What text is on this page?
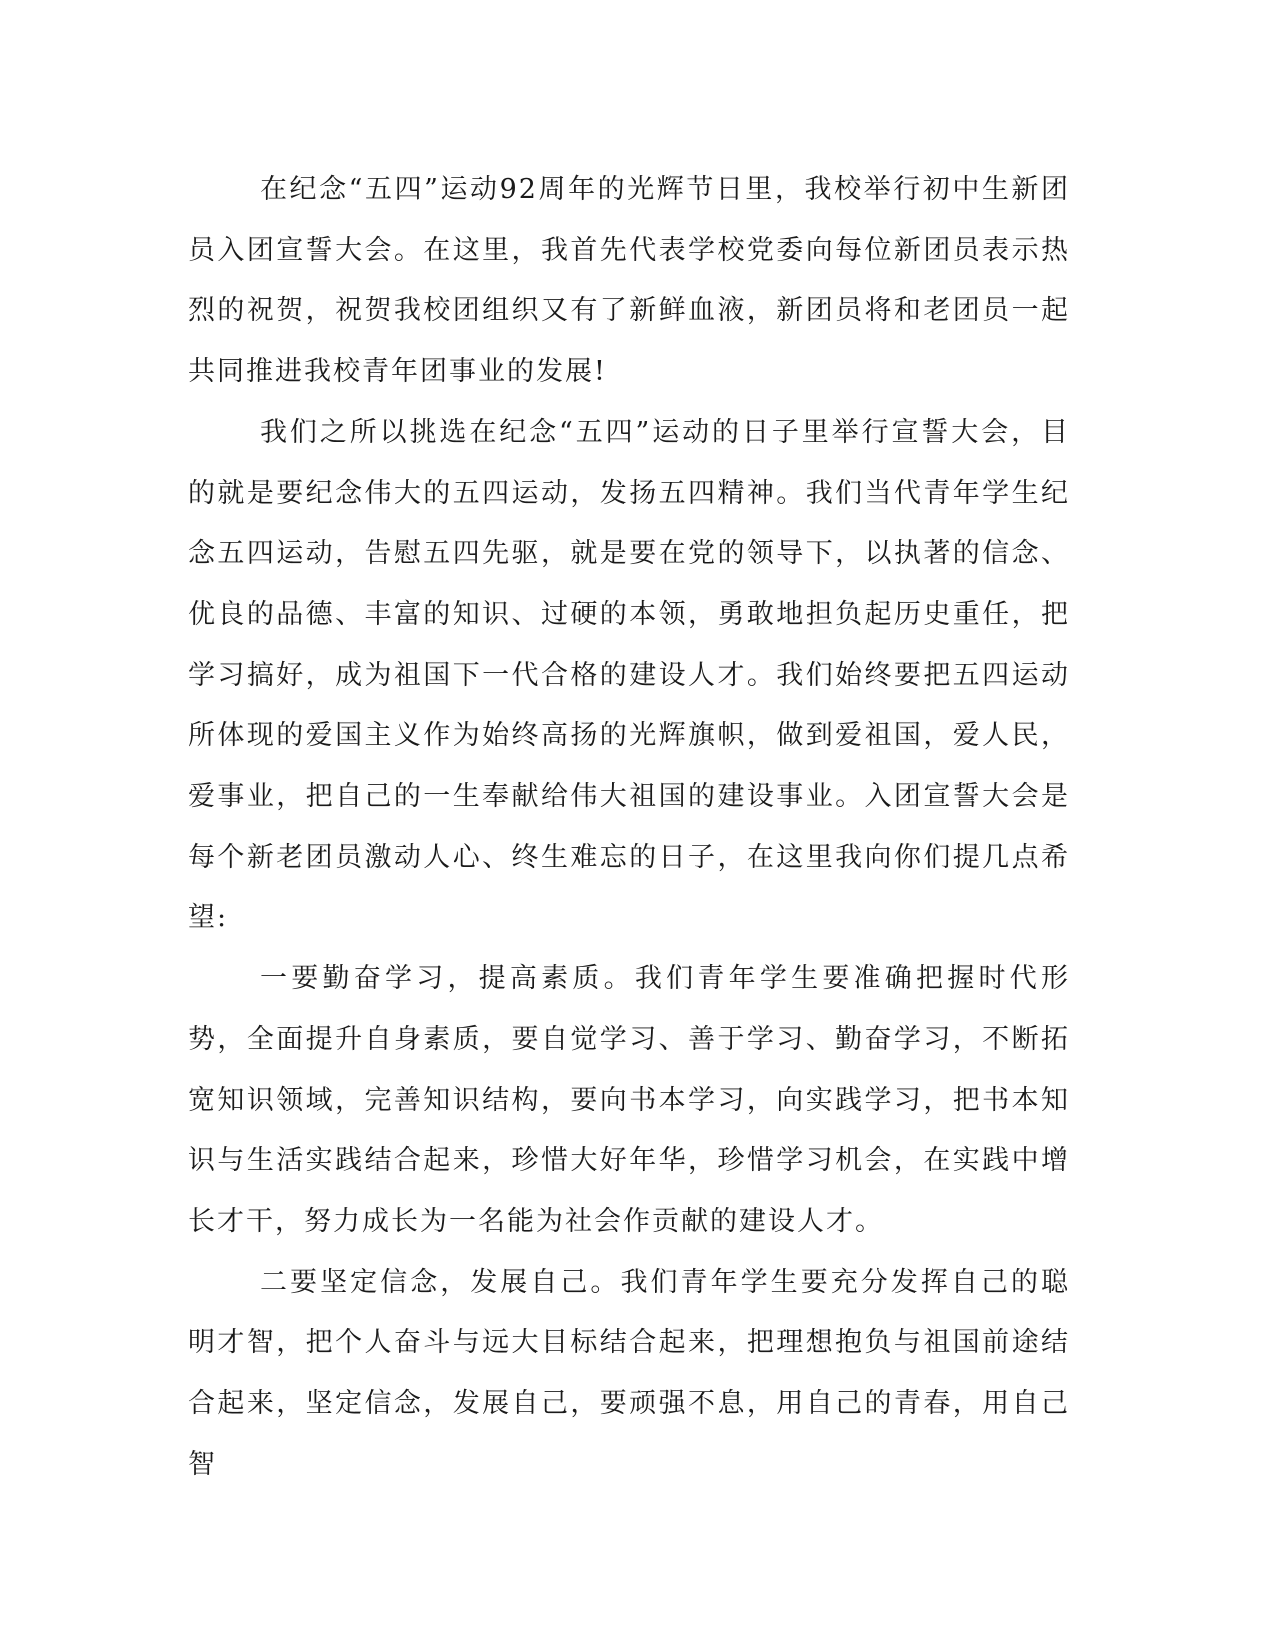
在纪念“五四”运动92周年的光辉节日里，我校举行初中生新团员入团宣誓大会。在这里，我首先代表学校党委向每位新团员表示热烈的祝贺，祝贺我校团组织又有了新鲜血液，新团员将和老团员一起共同推进我校青年团事业的发展!

我们之所以挑选在纪念“五四”运动的日子里举行宣誓大会，目的就是要纪念伟大的五四运动，发扬五四精神。我们当代青年学生纪念五四运动，告慰五四先驱，就是要在党的领导下，以执著的信念、优良的品德、丰富的知识、过硬的本领，勇敢地担负起历史重任，把学习搞好，成为祖国下一代合格的建设人才。我们始终要把五四运动所体现的爱国主义作为始终高扬的光辉旗帜，做到爱祖国，爱人民，爱事业，把自己的一生奉献给伟大祖国的建设事业。入团宣誓大会是每个新老团员激动人心、终生难忘的日子，在这里我向你们提几点希望:

一要勤奋学习，提高素质。我们青年学生要准确把握时代形势，全面提升自身素质，要自觉学习、善于学习、勤奋学习，不断拓宽知识领域，完善知识结构，要向书本学习，向实践学习，把书本知识与生活实践结合起来，珍惜大好年华，珍惜学习机会，在实践中增长才干，努力成长为一名能为社会作贡献的建设人才。

二要坚定信念，发展自己。我们青年学生要充分发挥自己的聪明才智，把个人奋斗与远大目标结合起来，把理想抱负与祖国前途结合起来，坚定信念，发展自己，要顽强不息，用自己的青春，用自己智
